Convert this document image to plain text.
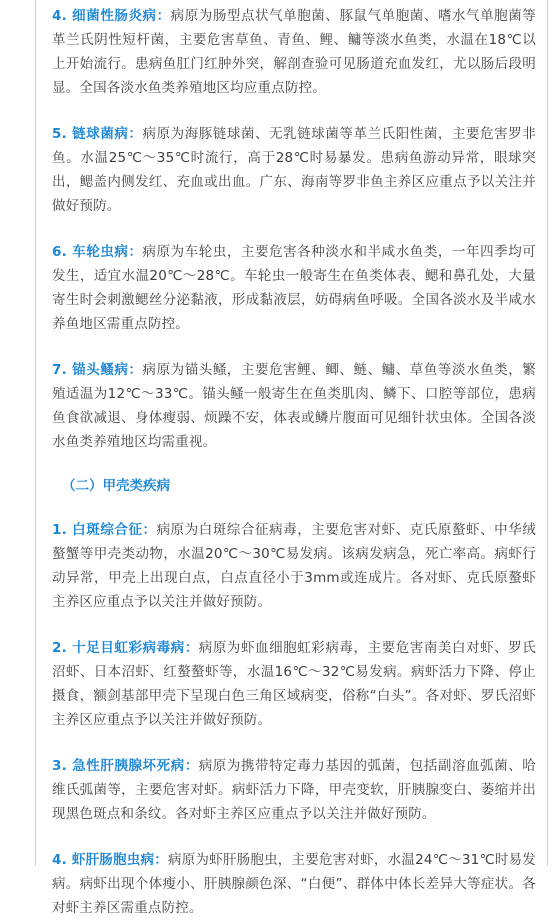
4. 细菌性肠炎病：病原为肠型点状气单胞菌、豚鼠气单胞菌、嗜水气单胞菌等革兰氏阴性短杆菌，主要危害草鱼、青鱼、鲤、鳙等淡水鱼类，水温在18℃以上开始流行。患病鱼肛门红肿外突，解剖查验可见肠道充血发红，尤以肠后段明显。全国各淡水鱼类养殖地区均应重点防控。

5. 链球菌病：病原为海豚链球菌、无乳链球菌等革兰氏阳性菌，主要危害罗非鱼。水温25℃～35℃时流行，高于28℃时易暴发。患病鱼游动异常，眼球突出，鳃盖内侧发红、充血或出血。广东、海南等罗非鱼主养区应重点予以关注并做好预防。

6. 车轮虫病：病原为车轮虫，主要危害各种淡水和半咸水鱼类，一年四季均可发生，适宜水温20℃～28℃。车轮虫一般寄生在鱼类体表、鳃和鼻孔处，大量寄生时会刺激鳃丝分泌黏液，形成黏液层，妨碍病鱼呼吸。全国各淡水及半咸水养鱼地区需重点防控。

7. 锚头鳋病：病原为锚头鳋，主要危害鲤、鲫、鲢、鳙、草鱼等淡水鱼类，繁殖适温为12℃～33℃。锚头鳋一般寄生在鱼类肌肉、鳞下、口腔等部位，患病鱼食欲减退、身体瘦弱、烦躁不安，体表或鳞片腹面可见细针状虫体。全国各淡水鱼类养殖地区均需重视。

（二）甲壳类疾病

1. 白斑综合征：病原为白斑综合征病毒，主要危害对虾、克氏原螯虾、中华绒螯蟹等甲壳类动物，水温20℃～30℃易发病。该病发病急，死亡率高。病虾行动异常，甲壳上出现白点，白点直径小于3mm或连成片。各对虾、克氏原螯虾主养区应重点予以关注并做好预防。

2. 十足目虹彩病毒病：病原为虾血细胞虹彩病毒，主要危害南美白对虾、罗氏沼虾、日本沼虾、红螯螯虾等，水温16℃～32℃易发病。病虾活力下降、停止摄食，额剑基部甲壳下呈现白色三角区域病变，俗称“白头”。各对虾、罗氏沼虾主养区应重点予以关注并做好预防。

3. 急性肝胰腺坏死病：病原为携带特定毒力基因的弧菌，包括副溶血弧菌、哈维氏弧菌等，主要危害对虾。病虾活力下降，甲壳变软，肝胰腺变白、萎缩并出现黑色斑点和条纹。各对虾主养区应重点予以关注并做好预防。

4. 虾肝肠胞虫病：病原为虾肝肠胞虫，主要危害对虾，水温24℃～31℃时易发病。病虾出现个体瘦小、肝胰腺颜色深、“白便”、群体中体长差异大等症状。各对虾主养区需重点防控。
